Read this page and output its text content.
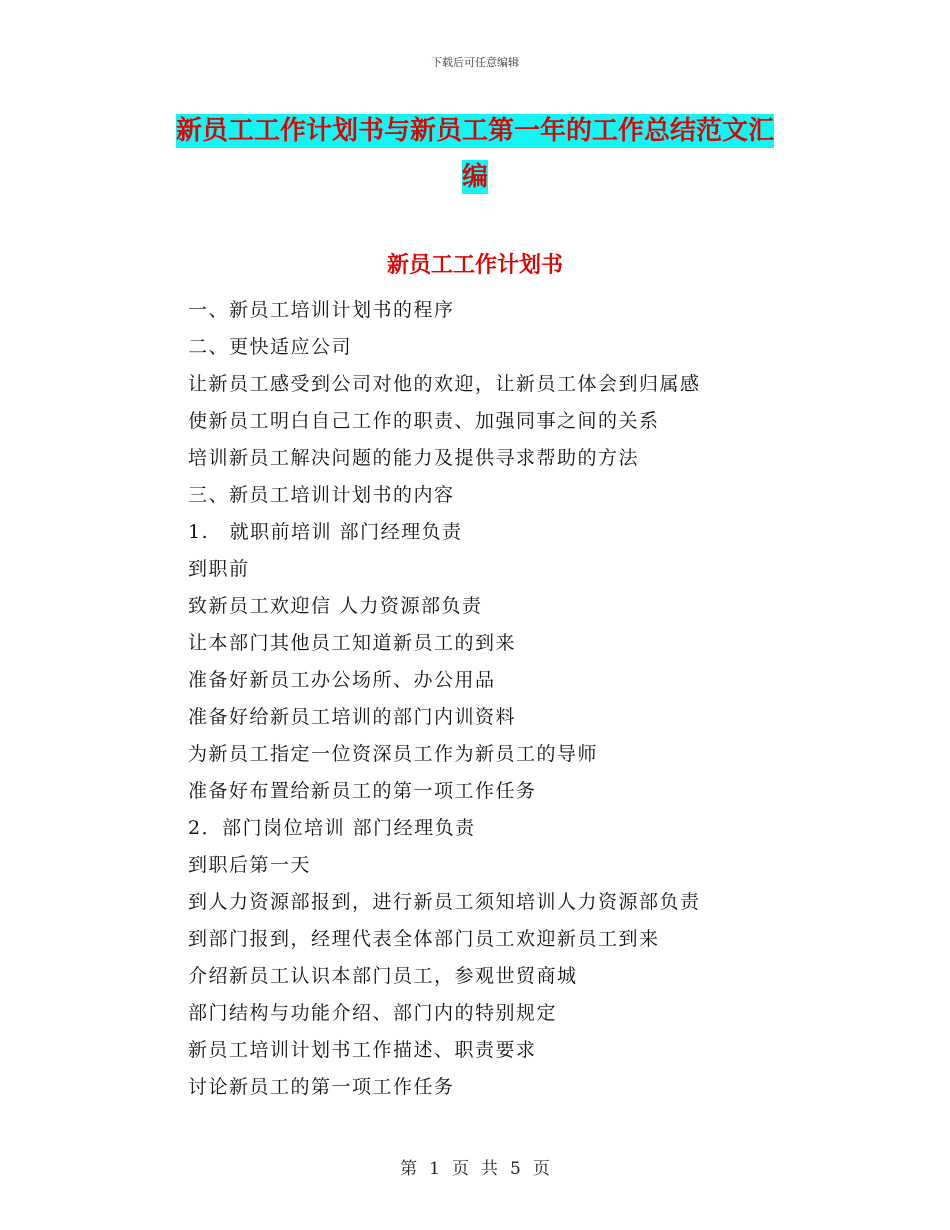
下载后可任意编辑
新员工工作计划书与新员工第一年的工作总结范文汇
编
新员工工作计划书
一、新员工培训计划书的程序
二、更快适应公司
让新员工感受到公司对他的欢迎，让新员工体会到归属感
使新员工明白自己工作的职责、加强同事之间的关系
培训新员工解决问题的能力及提供寻求帮助的方法
三、新员工培训计划书的内容
1.　就职前培训 部门经理负责
到职前
致新员工欢迎信 人力资源部负责
让本部门其他员工知道新员工的到来
准备好新员工办公场所、办公用品
准备好给新员工培训的部门内训资料
为新员工指定一位资深员工作为新员工的导师
准备好布置给新员工的第一项工作任务
2．部门岗位培训 部门经理负责
到职后第一天
到人力资源部报到，进行新员工须知培训人力资源部负责
到部门报到，经理代表全体部门员工欢迎新员工到来
介绍新员工认识本部门员工，参观世贸商城
部门结构与功能介绍、部门内的特别规定
新员工培训计划书工作描述、职责要求
讨论新员工的第一项工作任务
第 1 页 共 5 页
